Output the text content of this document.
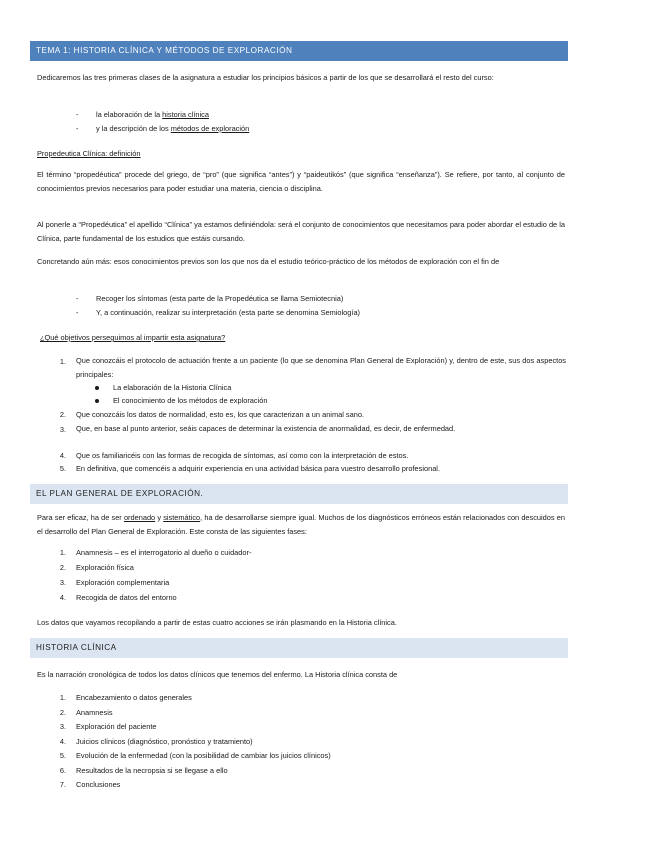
TEMA 1: HISTORIA CLÍNICA Y MÉTODOS DE EXPLORACIÓN
Dedicaremos las tres primeras clases de la asignatura a estudiar los principios básicos a partir de los que se desarrollará el resto del curso:
- la elaboración de la historia clínica
- y la descripción de los métodos de exploración
Propedeutica Clínica: definición
El término “propedéutica” procede del griego, de “pro” (que significa “antes”) y “paideutikós” (que significa “enseñanza”). Se refiere, por tanto, al conjunto de conocimientos previos necesarios para poder estudiar una materia, ciencia o disciplina.
Al ponerle a “Propedéutica” el apellido “Clínica” ya estamos definiéndola: será el conjunto de conocimientos que necesitamos para poder abordar el estudio de la Clínica, parte fundamental de los estudios que estáis cursando.
Concretando aún más: esos conocimientos previos son los que nos da el estudio teórico-práctico de los métodos de exploración con el fin de
- Recoger los síntomas (esta parte de la Propedéutica se llama Semiotecnia)
- Y, a continuación, realizar su interpretación (esta parte se denomina Semiología)
¿Qué objetivos perseguimos al impartir esta asignatura?
1. Que conozcáis el protocolo de actuación frente a un paciente (lo que se denomina Plan General de Exploración) y, dentro de este, sus dos aspectos principales:
La elaboración de la Historia Clínica
El conocimiento de los métodos de exploración
2. Que conozcáis los datos de normalidad, esto es, los que caracterizan a un animal sano.
3. Que, en base al punto anterior, seáis capaces de determinar la existencia de anormalidad, es decir, de enfermedad.
4. Que os familiaricéis con las formas de recogida de síntomas, así como con la interpretación de estos.
5. En definitiva, que comencéis a adquirir experiencia en una actividad básica para vuestro desarrollo profesional.
EL PLAN GENERAL DE EXPLORACIÓN.
Para ser eficaz, ha de ser ordenado y sistemático, ha de desarrollarse siempre igual. Muchos de los diagnósticos erróneos están relacionados con descuidos en el desarrollo del Plan General de Exploración. Este consta de las siguientes fases:
1. Anamnesis – es el interrogatorio al dueño o cuidador-
2. Exploración física
3. Exploración complementaria
4. Recogida de datos del entorno
Los datos que vayamos recopilando a partir de estas cuatro acciones se irán plasmando en la Historia clínica.
HISTORIA CLÍNICA
Es la narración cronológica de todos los datos clínicos que tenemos del enfermo. La Historia clínica consta de
1. Encabezamiento o datos generales
2. Anamnesis
3. Exploración del paciente
4. Juicios clínicos (diagnóstico, pronóstico y tratamiento)
5. Evolución de la enfermedad (con la posibilidad de cambiar los juicios clínicos)
6. Resultados de la necropsia si se llegase a ello
7. Conclusiones
